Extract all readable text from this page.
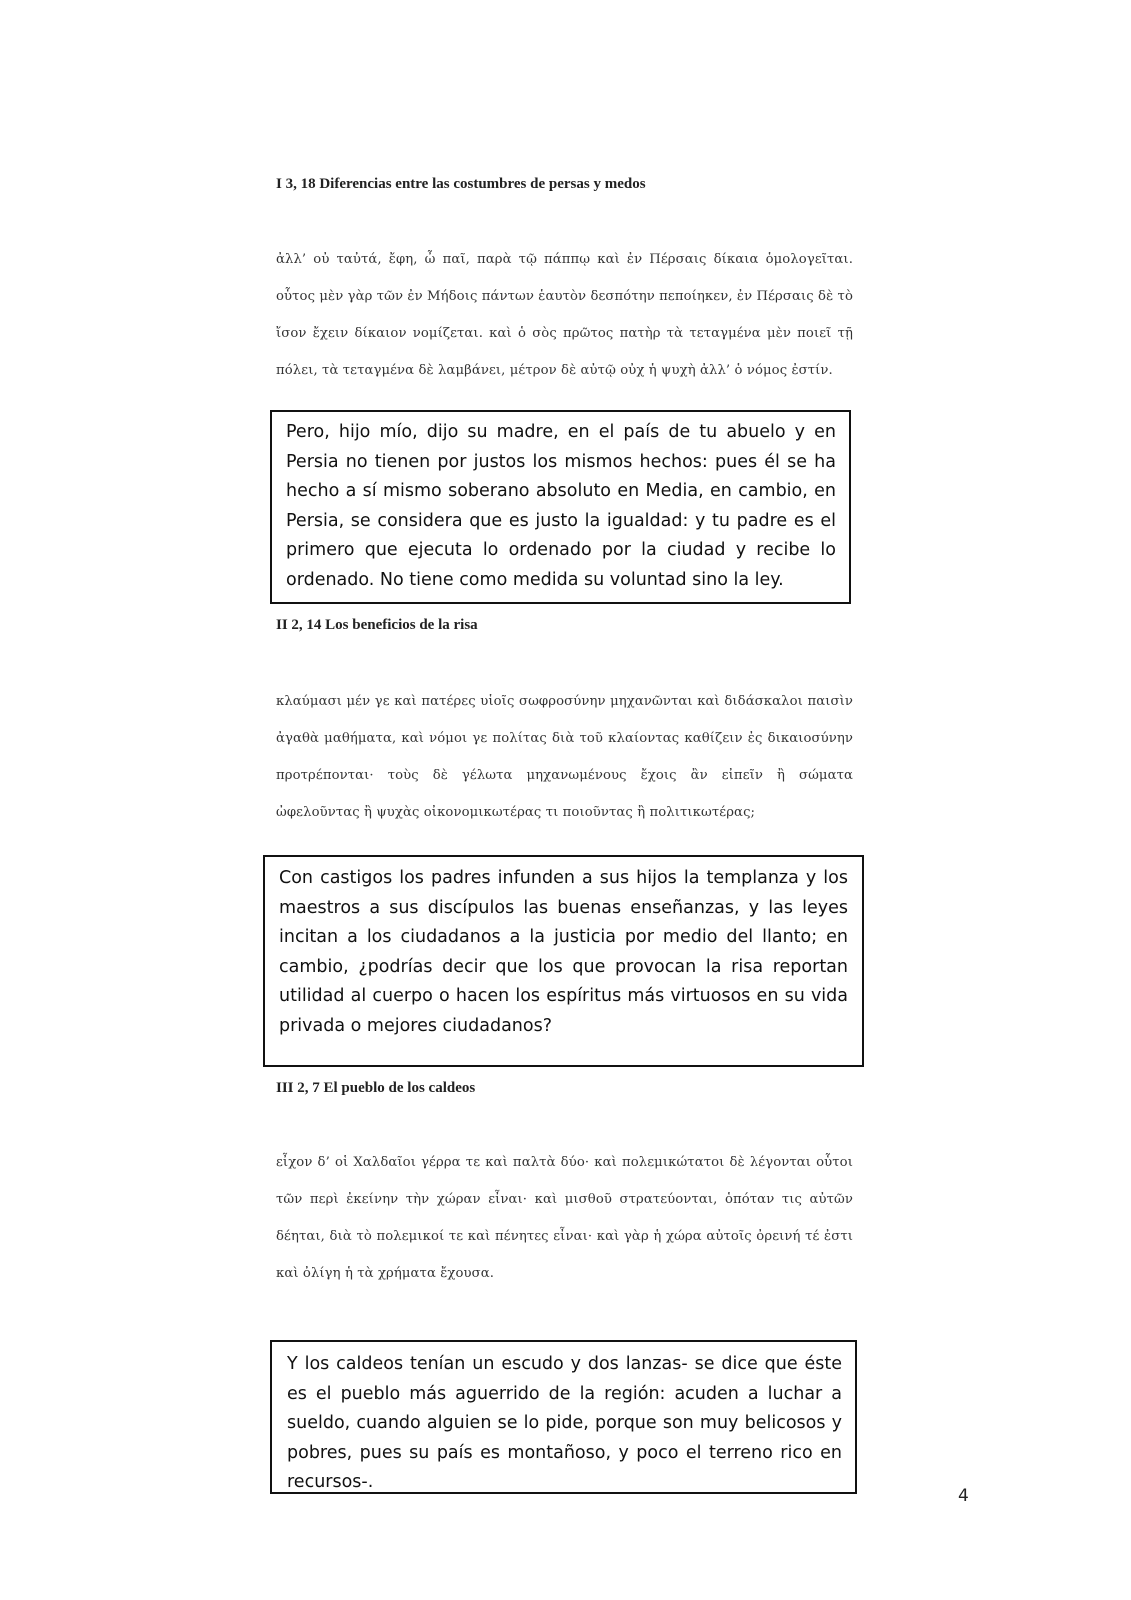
I 3, 18 Diferencias entre las costumbres de persas y medos

ἀλλ’ οὐ ταὐτά, ἔφη, ὦ παῖ, παρὰ τῷ πάππῳ καὶ ἐν Πέρσαις δίκαια ὁμολογεῖται. οὗτος μὲν γὰρ τῶν ἐν Μήδοις πάντων ἑαυτὸν δεσπότην πεποίηκεν, ἐν Πέρσαις δὲ τὸ ἴσον ἔχειν δίκαιον νομίζεται. καὶ ὁ σὸς πρῶτος πατὴρ τὰ τεταγμένα μὲν ποιεῖ τῇ πόλει, τὰ τεταγμένα δὲ λαμβάνει, μέτρον δὲ αὐτῷ οὐχ ἡ ψυχὴ ἀλλ’ ὁ νόμος ἐστίν.

Pero, hijo mío, dijo su madre, en el país de tu abuelo y en Persia no tienen por justos los mismos hechos: pues él se ha hecho a sí mismo soberano absoluto en Media, en cambio, en Persia, se considera que es justo la igualdad: y tu padre es el primero que ejecuta lo ordenado por la ciudad y recibe lo ordenado. No tiene como medida su voluntad sino la ley.

II 2, 14 Los beneficios de la risa

κλαύμασι μέν γε καὶ πατέρες υἱοῖς σωφροσύνην μηχανῶνται καὶ διδάσκαλοι παισὶν ἀγαθὰ μαθήματα, καὶ νόμοι γε πολίτας διὰ τοῦ κλαίοντας καθίζειν ἐς δικαιοσύνην προτρέπονται· τοὺς δὲ γέλωτα μηχανωμένους ἔχοις ἂν εἰπεῖν ἢ σώματα ὠφελοῦντας ἢ ψυχὰς οἰκονομικωτέρας τι ποιοῦντας ἢ πολιτικωτέρας;

Con castigos los padres infunden a sus hijos la templanza y los maestros a sus discípulos las buenas enseñanzas, y las leyes incitan a los ciudadanos a la justicia por medio del llanto; en cambio, ¿podrías decir que los que provocan la risa reportan utilidad al cuerpo o hacen los espíritus más virtuosos en su vida privada o mejores ciudadanos?

III 2, 7 El pueblo de los caldeos

εἶχον δ’ οἱ Χαλδαῖοι γέρρα τε καὶ παλτὰ δύο· καὶ πολεμικώτατοι δὲ λέγονται οὗτοι τῶν περὶ ἐκείνην τὴν χώραν εἶναι· καὶ μισθοῦ στρατεύονται, ὁπόταν τις αὐτῶν δέηται, διὰ τὸ πολεμικοί τε καὶ πένητες εἶναι· καὶ γὰρ ἡ χώρα αὐτοῖς ὀρεινή τέ ἐστι καὶ ὀλίγη ἡ τὰ χρήματα ἔχουσα.

Y los caldeos tenían un escudo y dos lanzas- se dice que éste es el pueblo más aguerrido de la región: acuden a luchar a sueldo, cuando alguien se lo pide, porque son muy belicosos y pobres, pues su país es montañoso, y poco el terreno rico en recursos-.

4
